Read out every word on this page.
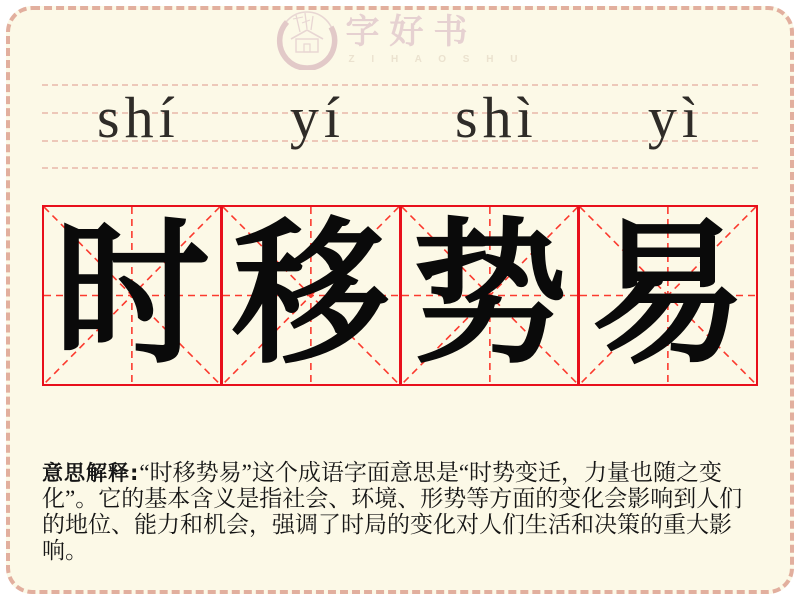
字好书
Z I H A O S H U
shí yí shì yì
时 移 势 易

意思解释:“时移势易”这个成语字面意思是“时势变迁，力量也随之变化”。它的基本含义是指社会、环境、形势等方面的变化会影响到人们的地位、能力和机会，强调了时局的变化对人们生活和决策的重大影响。
